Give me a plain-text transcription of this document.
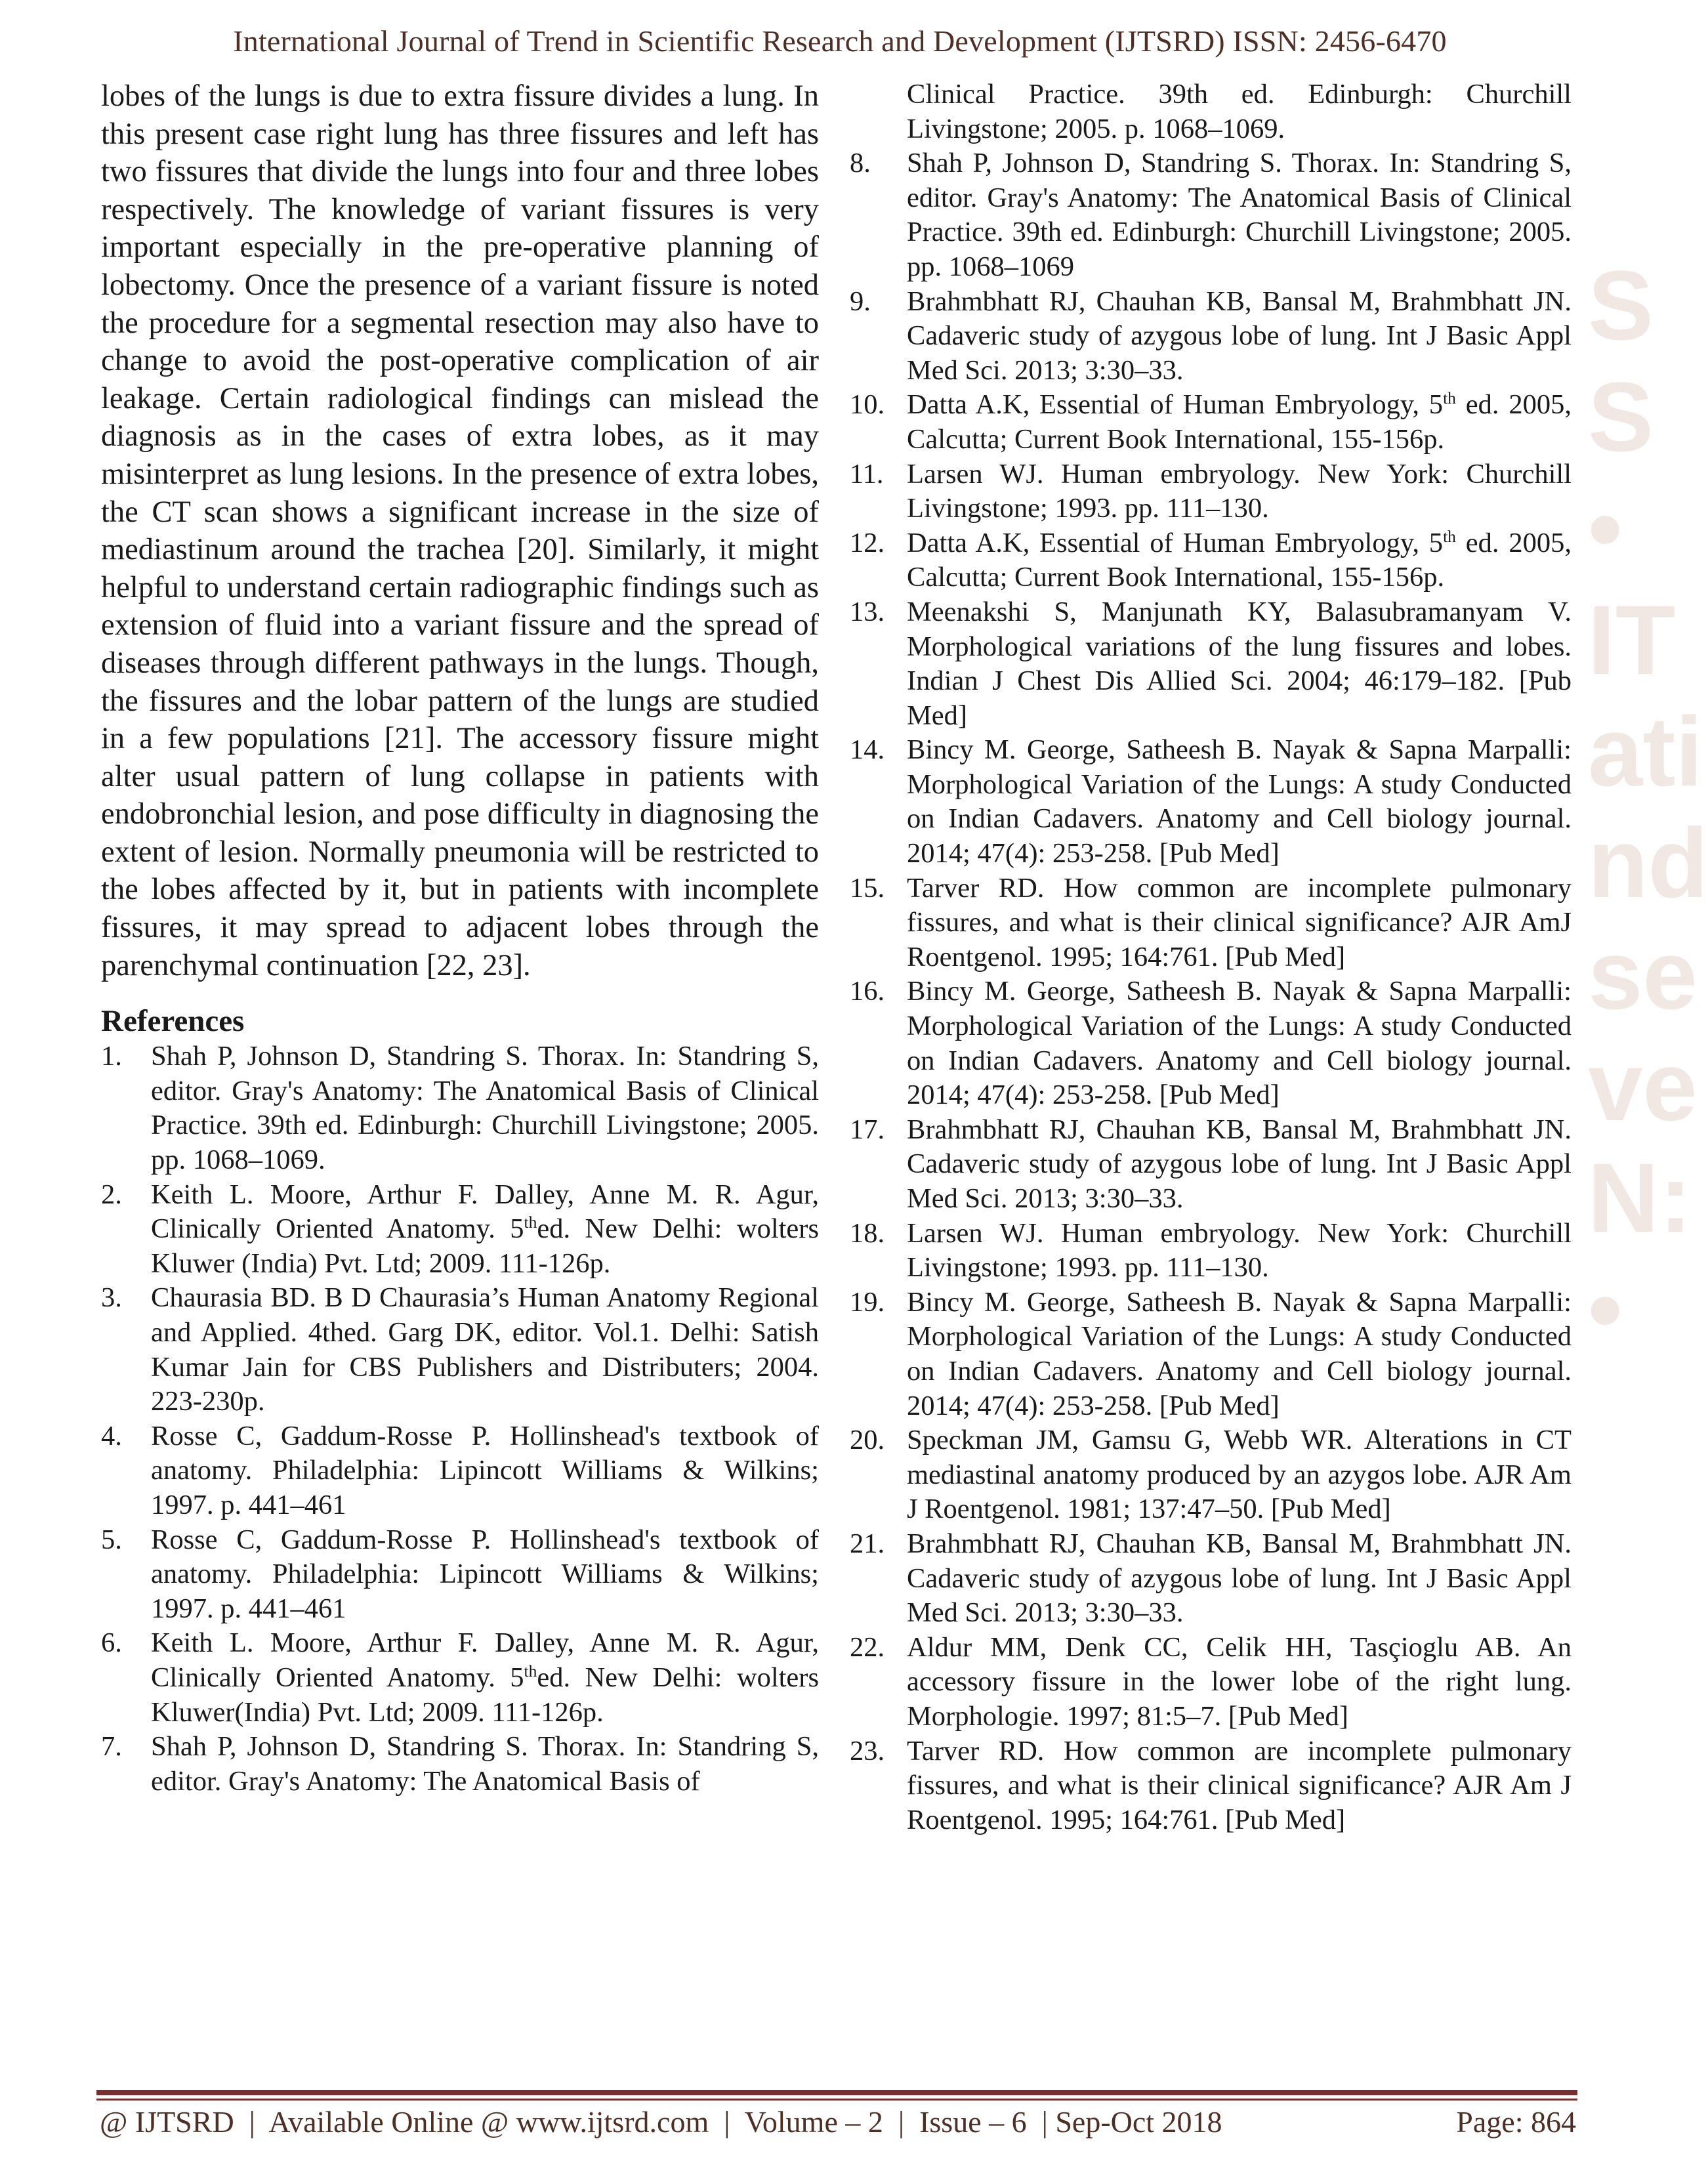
S
S
•
IT
ati
nd
se
ve
N:
•
International Journal of Trend in Scientific Research and Development (IJTSRD) ISSN: 2456-6470

lobes of the lungs is due to extra fissure divides a lung. In this present case right lung has three fissures and left has two fissures that divide the lungs into four and three lobes respectively. The knowledge of variant fissures is very important especially in the pre-operative planning of lobectomy. Once the presence of a variant fissure is noted the procedure for a segmental resection may also have to change to avoid the post-operative complication of air leakage. Certain radiological findings can mislead the diagnosis as in the cases of extra lobes, as it may misinterpret as lung lesions. In the presence of extra lobes, the CT scan shows a significant increase in the size of mediastinum around the trachea [20]. Similarly, it might helpful to understand certain radiographic findings such as extension of fluid into a variant fissure and the spread of diseases through different pathways in the lungs. Though, the fissures and the lobar pattern of the lungs are studied in a few populations [21]. The accessory fissure might alter usual pattern of lung collapse in patients with endobronchial lesion, and pose difficulty in diagnosing the extent of lesion. Normally pneumonia will be restricted to the lobes affected by it, but in patients with incomplete fissures, it may spread to adjacent lobes through the parenchymal continuation [22, 23].

References
1. Shah P, Johnson D, Standring S. Thorax. In: Standring S, editor. Gray's Anatomy: The Anatomical Basis of Clinical Practice. 39th ed. Edinburgh: Churchill Livingstone; 2005. pp. 1068–1069.
2. Keith L. Moore, Arthur F. Dalley, Anne M. R. Agur, Clinically Oriented Anatomy. 5thed. New Delhi: wolters Kluwer (India) Pvt. Ltd; 2009. 111-126p.
3. Chaurasia BD. B D Chaurasia’s Human Anatomy Regional and Applied. 4thed. Garg DK, editor. Vol.1. Delhi: Satish Kumar Jain for CBS Publishers and Distributers; 2004. 223-230p.
4. Rosse C, Gaddum-Rosse P. Hollinshead's textbook of anatomy. Philadelphia: Lipincott Williams & Wilkins; 1997. p. 441–461
5. Rosse C, Gaddum-Rosse P. Hollinshead's textbook of anatomy. Philadelphia: Lipincott Williams & Wilkins; 1997. p. 441–461
6. Keith L. Moore, Arthur F. Dalley, Anne M. R. Agur, Clinically Oriented Anatomy. 5thed. New Delhi: wolters Kluwer(India) Pvt. Ltd; 2009. 111-126p.
7. Shah P, Johnson D, Standring S. Thorax. In: Standring S, editor. Gray's Anatomy: The Anatomical Basis of
Clinical Practice. 39th ed. Edinburgh: Churchill Livingstone; 2005. p. 1068–1069.
8. Shah P, Johnson D, Standring S. Thorax. In: Standring S, editor. Gray's Anatomy: The Anatomical Basis of Clinical Practice. 39th ed. Edinburgh: Churchill Livingstone; 2005. pp. 1068–1069
9. Brahmbhatt RJ, Chauhan KB, Bansal M, Brahmbhatt JN. Cadaveric study of azygous lobe of lung. Int J Basic Appl Med Sci. 2013; 3:30–33.
10. Datta A.K, Essential of Human Embryology, 5th ed. 2005, Calcutta; Current Book International, 155-156p.
11. Larsen WJ. Human embryology. New York: Churchill Livingstone; 1993. pp. 111–130.
12. Datta A.K, Essential of Human Embryology, 5th ed. 2005, Calcutta; Current Book International, 155-156p.
13. Meenakshi S, Manjunath KY, Balasubramanyam V. Morphological variations of the lung fissures and lobes. Indian J Chest Dis Allied Sci. 2004; 46:179–182. [Pub Med]
14. Bincy M. George, Satheesh B. Nayak & Sapna Marpalli: Morphological Variation of the Lungs: A study Conducted on Indian Cadavers. Anatomy and Cell biology journal. 2014; 47(4): 253-258. [Pub Med]
15. Tarver RD. How common are incomplete pulmonary fissures, and what is their clinical significance? AJR AmJ Roentgenol. 1995; 164:761. [Pub Med]
16. Bincy M. George, Satheesh B. Nayak & Sapna Marpalli: Morphological Variation of the Lungs: A study Conducted on Indian Cadavers. Anatomy and Cell biology journal. 2014; 47(4): 253-258. [Pub Med]
17. Brahmbhatt RJ, Chauhan KB, Bansal M, Brahmbhatt JN. Cadaveric study of azygous lobe of lung. Int J Basic Appl Med Sci. 2013; 3:30–33.
18. Larsen WJ. Human embryology. New York: Churchill Livingstone; 1993. pp. 111–130.
19. Bincy M. George, Satheesh B. Nayak & Sapna Marpalli: Morphological Variation of the Lungs: A study Conducted on Indian Cadavers. Anatomy and Cell biology journal. 2014; 47(4): 253-258. [Pub Med]
20. Speckman JM, Gamsu G, Webb WR. Alterations in CT mediastinal anatomy produced by an azygos lobe. AJR Am J Roentgenol. 1981; 137:47–50. [Pub Med]
21. Brahmbhatt RJ, Chauhan KB, Bansal M, Brahmbhatt JN. Cadaveric study of azygous lobe of lung. Int J Basic Appl Med Sci. 2013; 3:30–33.
22. Aldur MM, Denk CC, Celik HH, Tasçioglu AB. An accessory fissure in the lower lobe of the right lung. Morphologie. 1997; 81:5–7. [Pub Med]
23. Tarver RD. How common are incomplete pulmonary fissures, and what is their clinical significance? AJR Am J Roentgenol. 1995; 164:761. [Pub Med]
@ IJTSRD  |  Available Online @ www.ijtsrd.com  |  Volume – 2  |  Issue – 6  | Sep-Oct 2018	Page: 864
